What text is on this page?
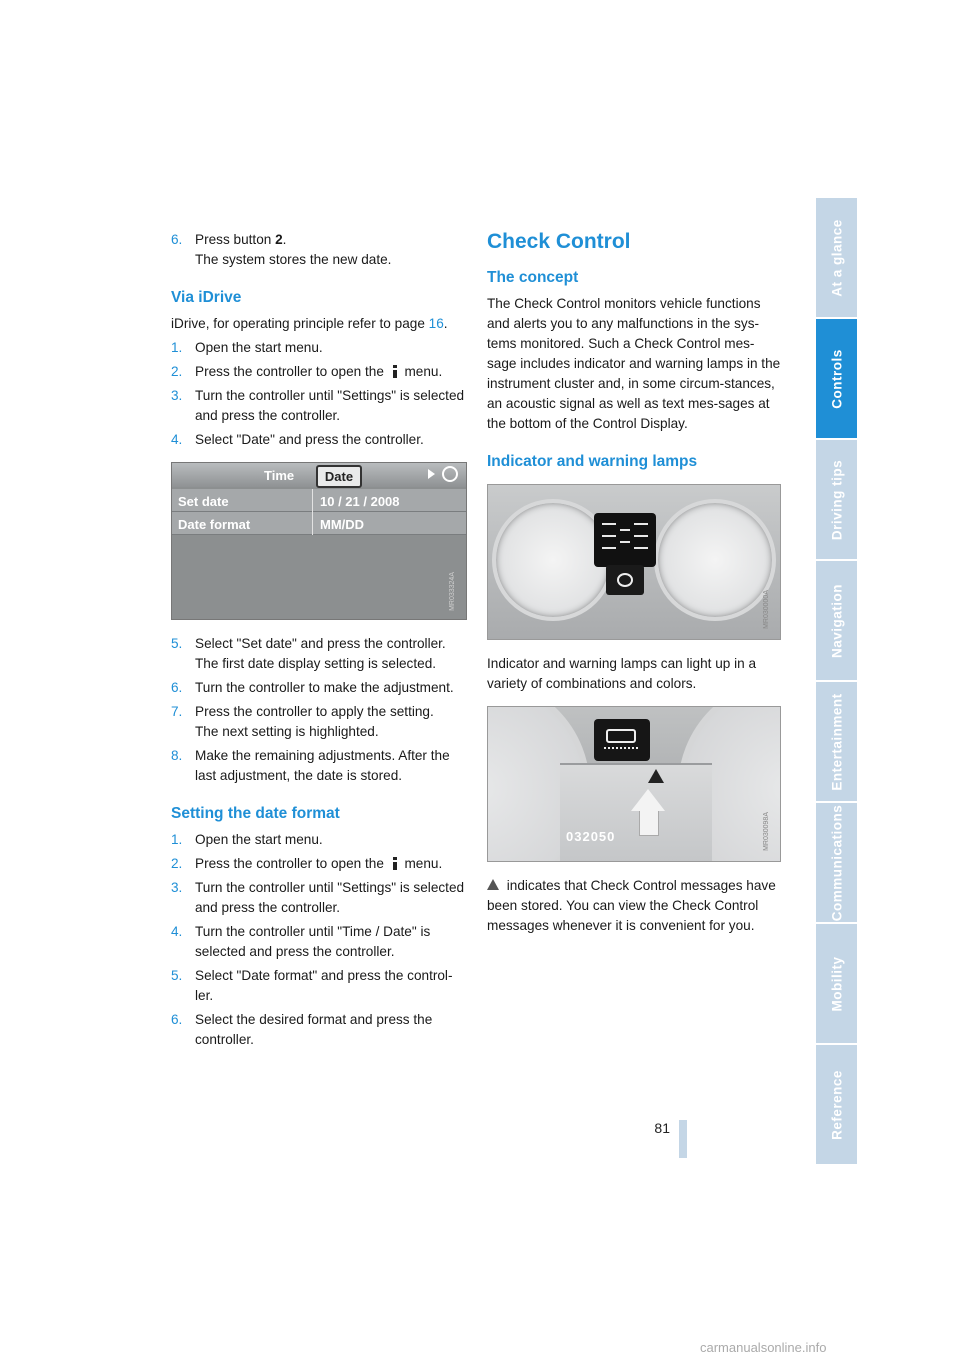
6. Press button 2.
The system stores the new date.
Via iDrive

iDrive, for operating principle refer to page 16.

1. Open the start menu.
2. Press the controller to open the  menu.
3. Turn the controller until "Settings" is selected and press the controller.
4. Select "Date" and press the controller.
Time	Date
Set date	10 / 21 / 2008
Date format	MM/DD
MR033324A
5. Select "Set date" and press the controller.
The first date display setting is selected.
6. Turn the controller to make the adjustment.
7. Press the controller to apply the setting.
The next setting is highlighted.
8. Make the remaining adjustments. After the last adjustment, the date is stored.
Setting the date format
1. Open the start menu.
2. Press the controller to open the  menu.
3. Turn the controller until "Settings" is selected and press the controller.
4. Turn the controller until "Time / Date" is selected and press the controller.
5. Select "Date format" and press the control-ler.
6. Select the desired format and press the controller.
Check Control
The concept

The Check Control monitors vehicle functions and alerts you to any malfunctions in the sys-tems monitored. Such a Check Control mes-sage includes indicator and warning lamps in the instrument cluster and, in some circum-stances, an acoustic signal as well as text mes-sages at the bottom of the Control Display.

Indicator and warning lamps
MR030000A

Indicator and warning lamps can light up in a variety of combinations and colors.

032050	MR030098A

indicates that Check Control messages have been stored. You can view the Check Control messages whenever it is convenient for you.

At a glance
Controls
Driving tips
Navigation
Entertainment
Communications
Mobility
Reference
81
carmanualsonline.info
